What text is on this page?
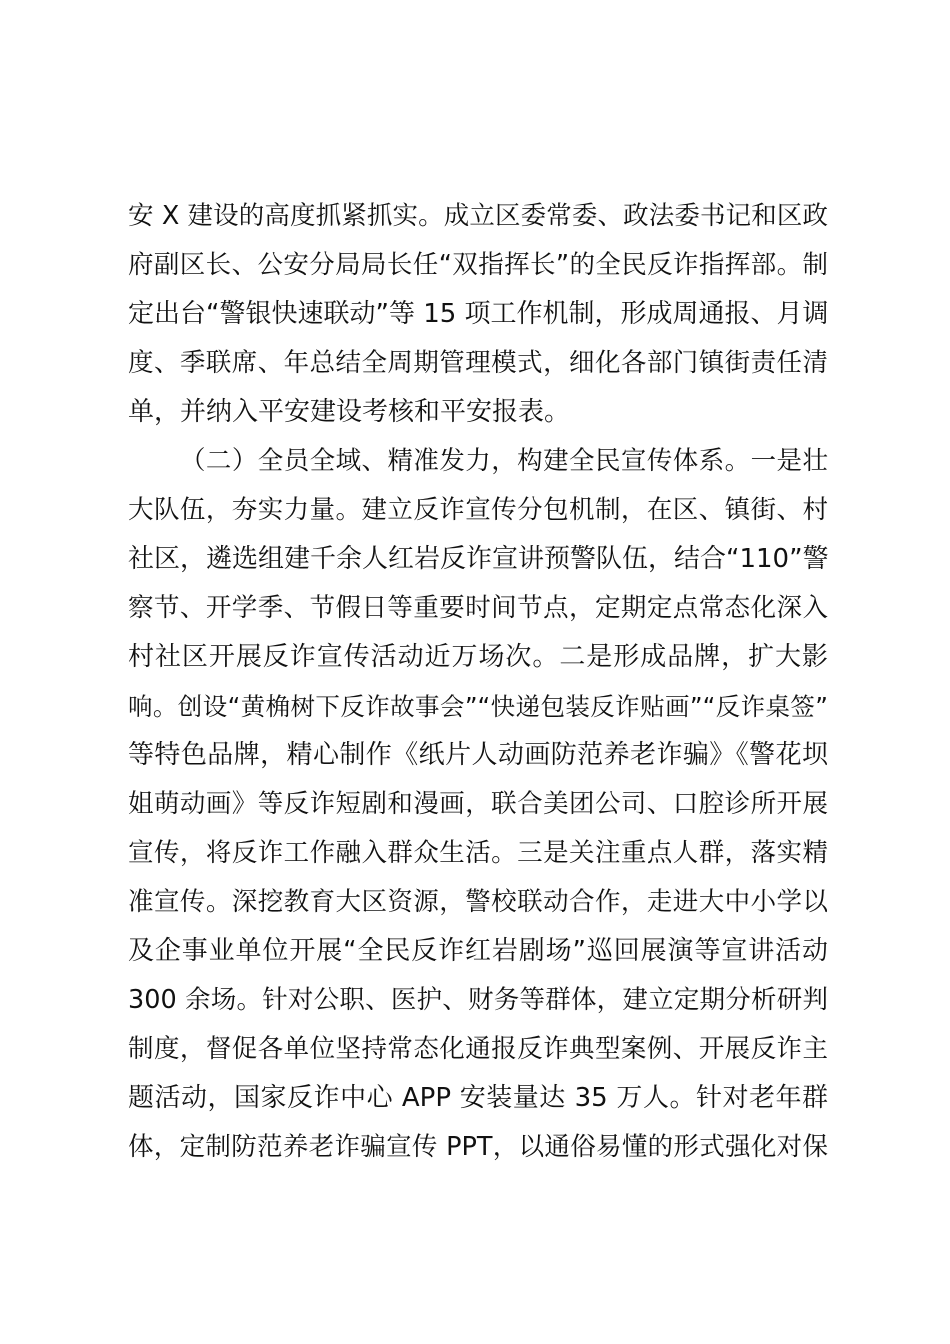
安 X 建设的高度抓紧抓实。成立区委常委、政法委书记和区政
府副区长、公安分局局长任“双指挥长”的全民反诈指挥部。制
定出台“警银快速联动”等 15 项工作机制，形成周通报、月调
度、季联席、年总结全周期管理模式，细化各部门镇街责任清
单，并纳入平安建设考核和平安报表。
（二）全员全域、精准发力，构建全民宣传体系。一是壮
大队伍，夯实力量。建立反诈宣传分包机制，在区、镇街、村
社区，遴选组建千余人红岩反诈宣讲预警队伍，结合“110”警
察节、开学季、节假日等重要时间节点，定期定点常态化深入
村社区开展反诈宣传活动近万场次。二是形成品牌，扩大影
响。创设“黄桷树下反诈故事会”“快递包装反诈贴画”“反诈桌签”
等特色品牌，精心制作《纸片人动画防范养老诈骗》《警花坝
姐萌动画》等反诈短剧和漫画，联合美团公司、口腔诊所开展
宣传，将反诈工作融入群众生活。三是关注重点人群，落实精
准宣传。深挖教育大区资源，警校联动合作，走进大中小学以
及企事业单位开展“全民反诈红岩剧场”巡回展演等宣讲活动
300 余场。针对公职、医护、财务等群体，建立定期分析研判
制度，督促各单位坚持常态化通报反诈典型案例、开展反诈主
题活动，国家反诈中心 APP 安装量达 35 万人。针对老年群
体，定制防范养老诈骗宣传 PPT，以通俗易懂的形式强化对保
